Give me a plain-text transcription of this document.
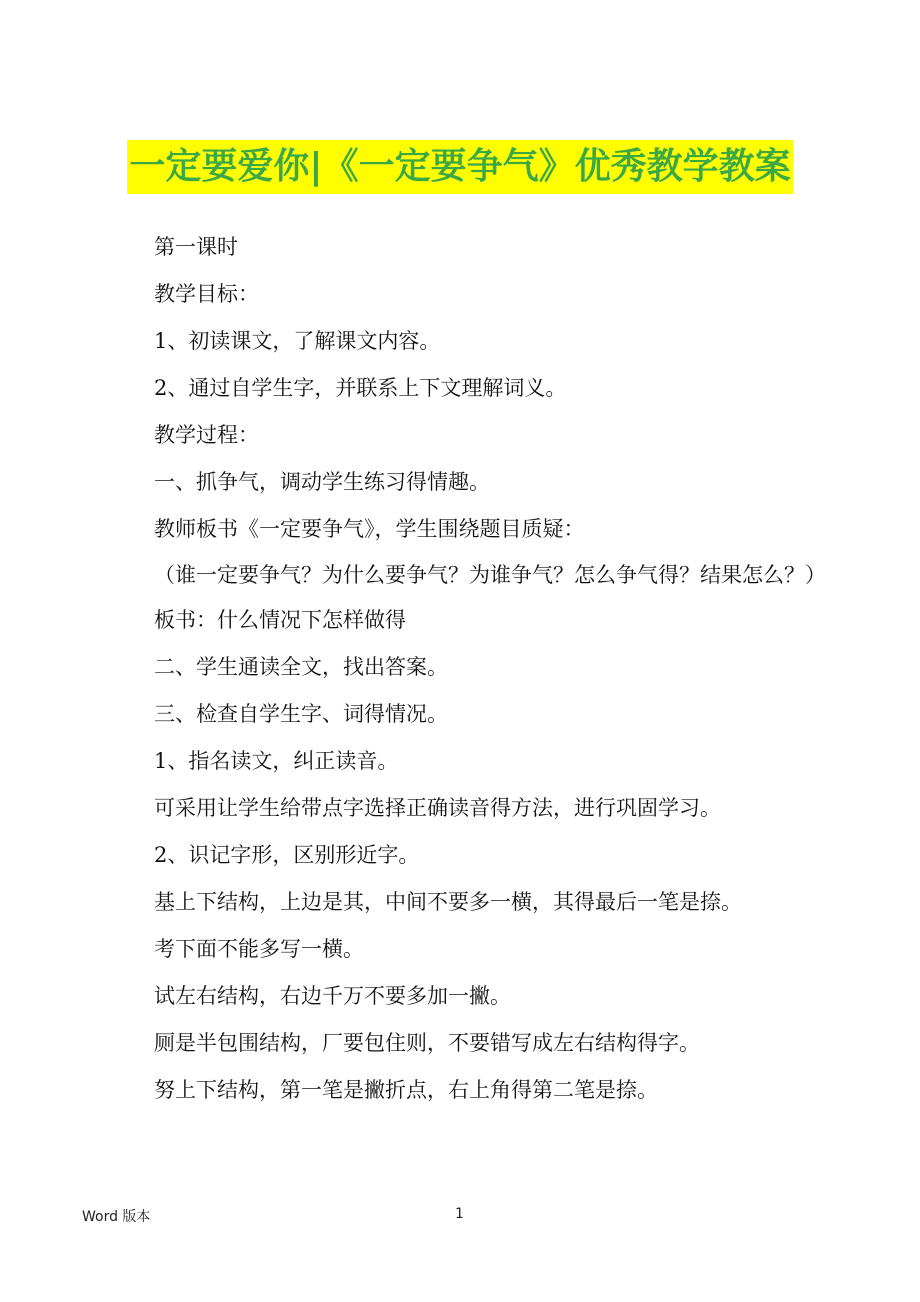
一定要爱你|《一定要争气》优秀教学教案

第一课时

教学目标：

1、初读课文，了解课文内容。

2、通过自学生字，并联系上下文理解词义。

教学过程：

一、抓争气，调动学生练习得情趣。

教师板书《一定要争气》，学生围绕题目质疑：

（谁一定要争气？为什么要争气？为谁争气？怎么争气得？结果怎么？）

板书：什么情况下怎样做得

二、学生通读全文，找出答案。

三、检查自学生字、词得情况。

1、指名读文，纠正读音。

可采用让学生给带点字选择正确读音得方法，进行巩固学习。

2、识记字形，区别形近字。

基上下结构，上边是其，中间不要多一横，其得最后一笔是捺。

考下面不能多写一横。

试左右结构，右边千万不要多加一撇。

厕是半包围结构，厂要包住则，不要错写成左右结构得字。

努上下结构，第一笔是撇折点，右上角得第二笔是捺。

Word 版本	1
